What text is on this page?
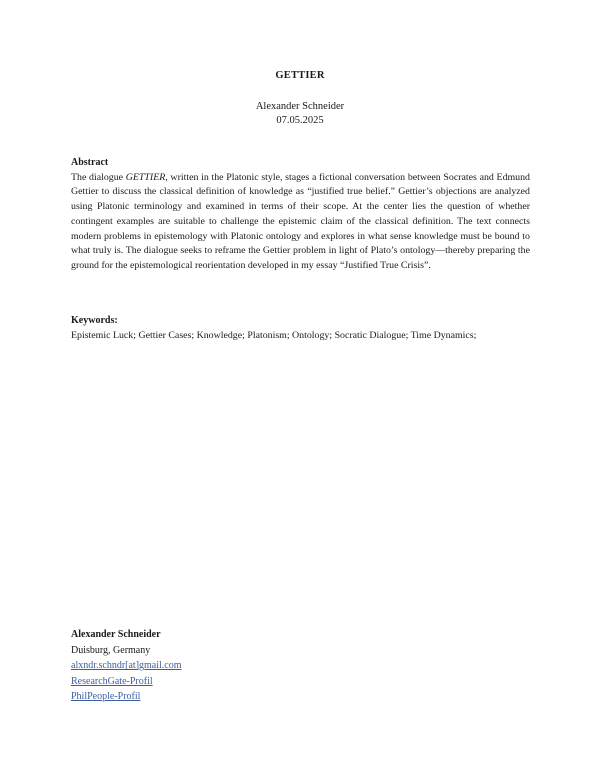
GETTIER
Alexander Schneider
07.05.2025
Abstract
The dialogue GETTIER, written in the Platonic style, stages a fictional conversation between Socrates and Edmund Gettier to discuss the classical definition of knowledge as “justified true belief.” Gettier’s objections are analyzed using Platonic terminology and examined in terms of their scope. At the center lies the question of whether contingent examples are suitable to challenge the epistemic claim of the classical definition. The text connects modern problems in epistemology with Platonic ontology and explores in what sense knowledge must be bound to what truly is. The dialogue seeks to reframe the Gettier problem in light of Plato’s ontology—thereby preparing the ground for the epistemological reorientation developed in my essay “Justified True Crisis”.
Keywords:
Epistemic Luck; Gettier Cases; Knowledge; Platonism; Ontology; Socratic Dialogue; Time Dynamics;
Alexander Schneider
Duisburg, Germany
alxndr.schndr[at]gmail.com
ResearchGate-Profil
PhilPeople-Profil
